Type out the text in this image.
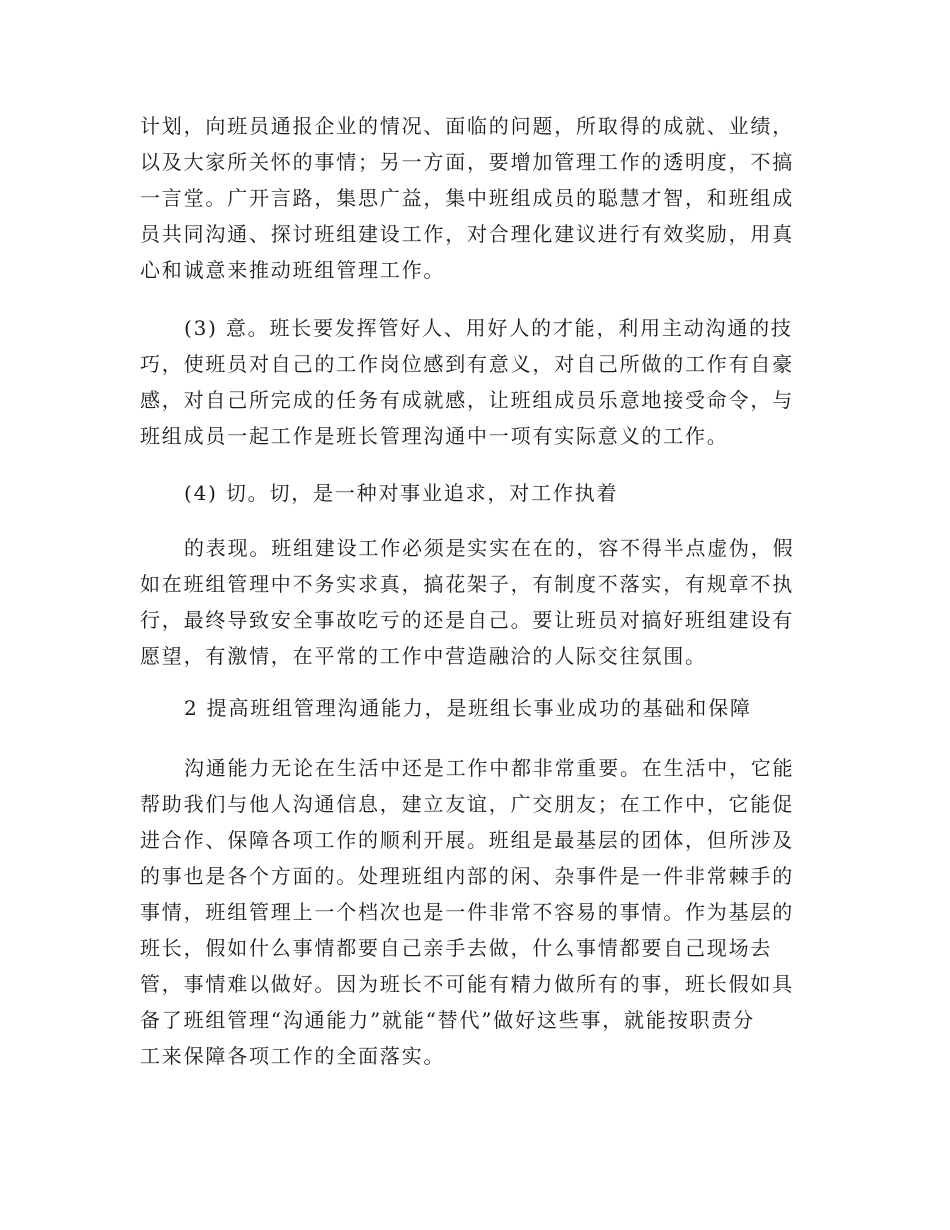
计划，向班员通报企业的情况、面临的问题，所取得的成就、业绩，
以及大家所关怀的事情；另一方面，要增加管理工作的透明度，不搞
一言堂。广开言路，集思广益，集中班组成员的聪慧才智，和班组成
员共同沟通、探讨班组建设工作，对合理化建议进行有效奖励，用真
心和诚意来推动班组管理工作。
(3) 意。班长要发挥管好人、用好人的才能，利用主动沟通的技
巧，使班员对自己的工作岗位感到有意义，对自己所做的工作有自豪
感，对自己所完成的任务有成就感，让班组成员乐意地接受命令，与
班组成员一起工作是班长管理沟通中一项有实际意义的工作。
(4) 切。切，是一种对事业追求，对工作执着
的表现。班组建设工作必须是实实在在的，容不得半点虚伪，假
如在班组管理中不务实求真，搞花架子，有制度不落实，有规章不执
行，最终导致安全事故吃亏的还是自己。要让班员对搞好班组建设有
愿望，有激情，在平常的工作中营造融洽的人际交往氛围。
2 提高班组管理沟通能力，是班组长事业成功的基础和保障
沟通能力无论在生活中还是工作中都非常重要。在生活中，它能
帮助我们与他人沟通信息，建立友谊，广交朋友；在工作中，它能促
进合作、保障各项工作的顺利开展。班组是最基层的团体，但所涉及
的事也是各个方面的。处理班组内部的闲、杂事件是一件非常棘手的
事情，班组管理上一个档次也是一件非常不容易的事情。作为基层的
班长，假如什么事情都要自己亲手去做，什么事情都要自己现场去
管，事情难以做好。因为班长不可能有精力做所有的事，班长假如具
备了班组管理“沟通能力”就能“替代”做好这些事，就能按职责分
工来保障各项工作的全面落实。
